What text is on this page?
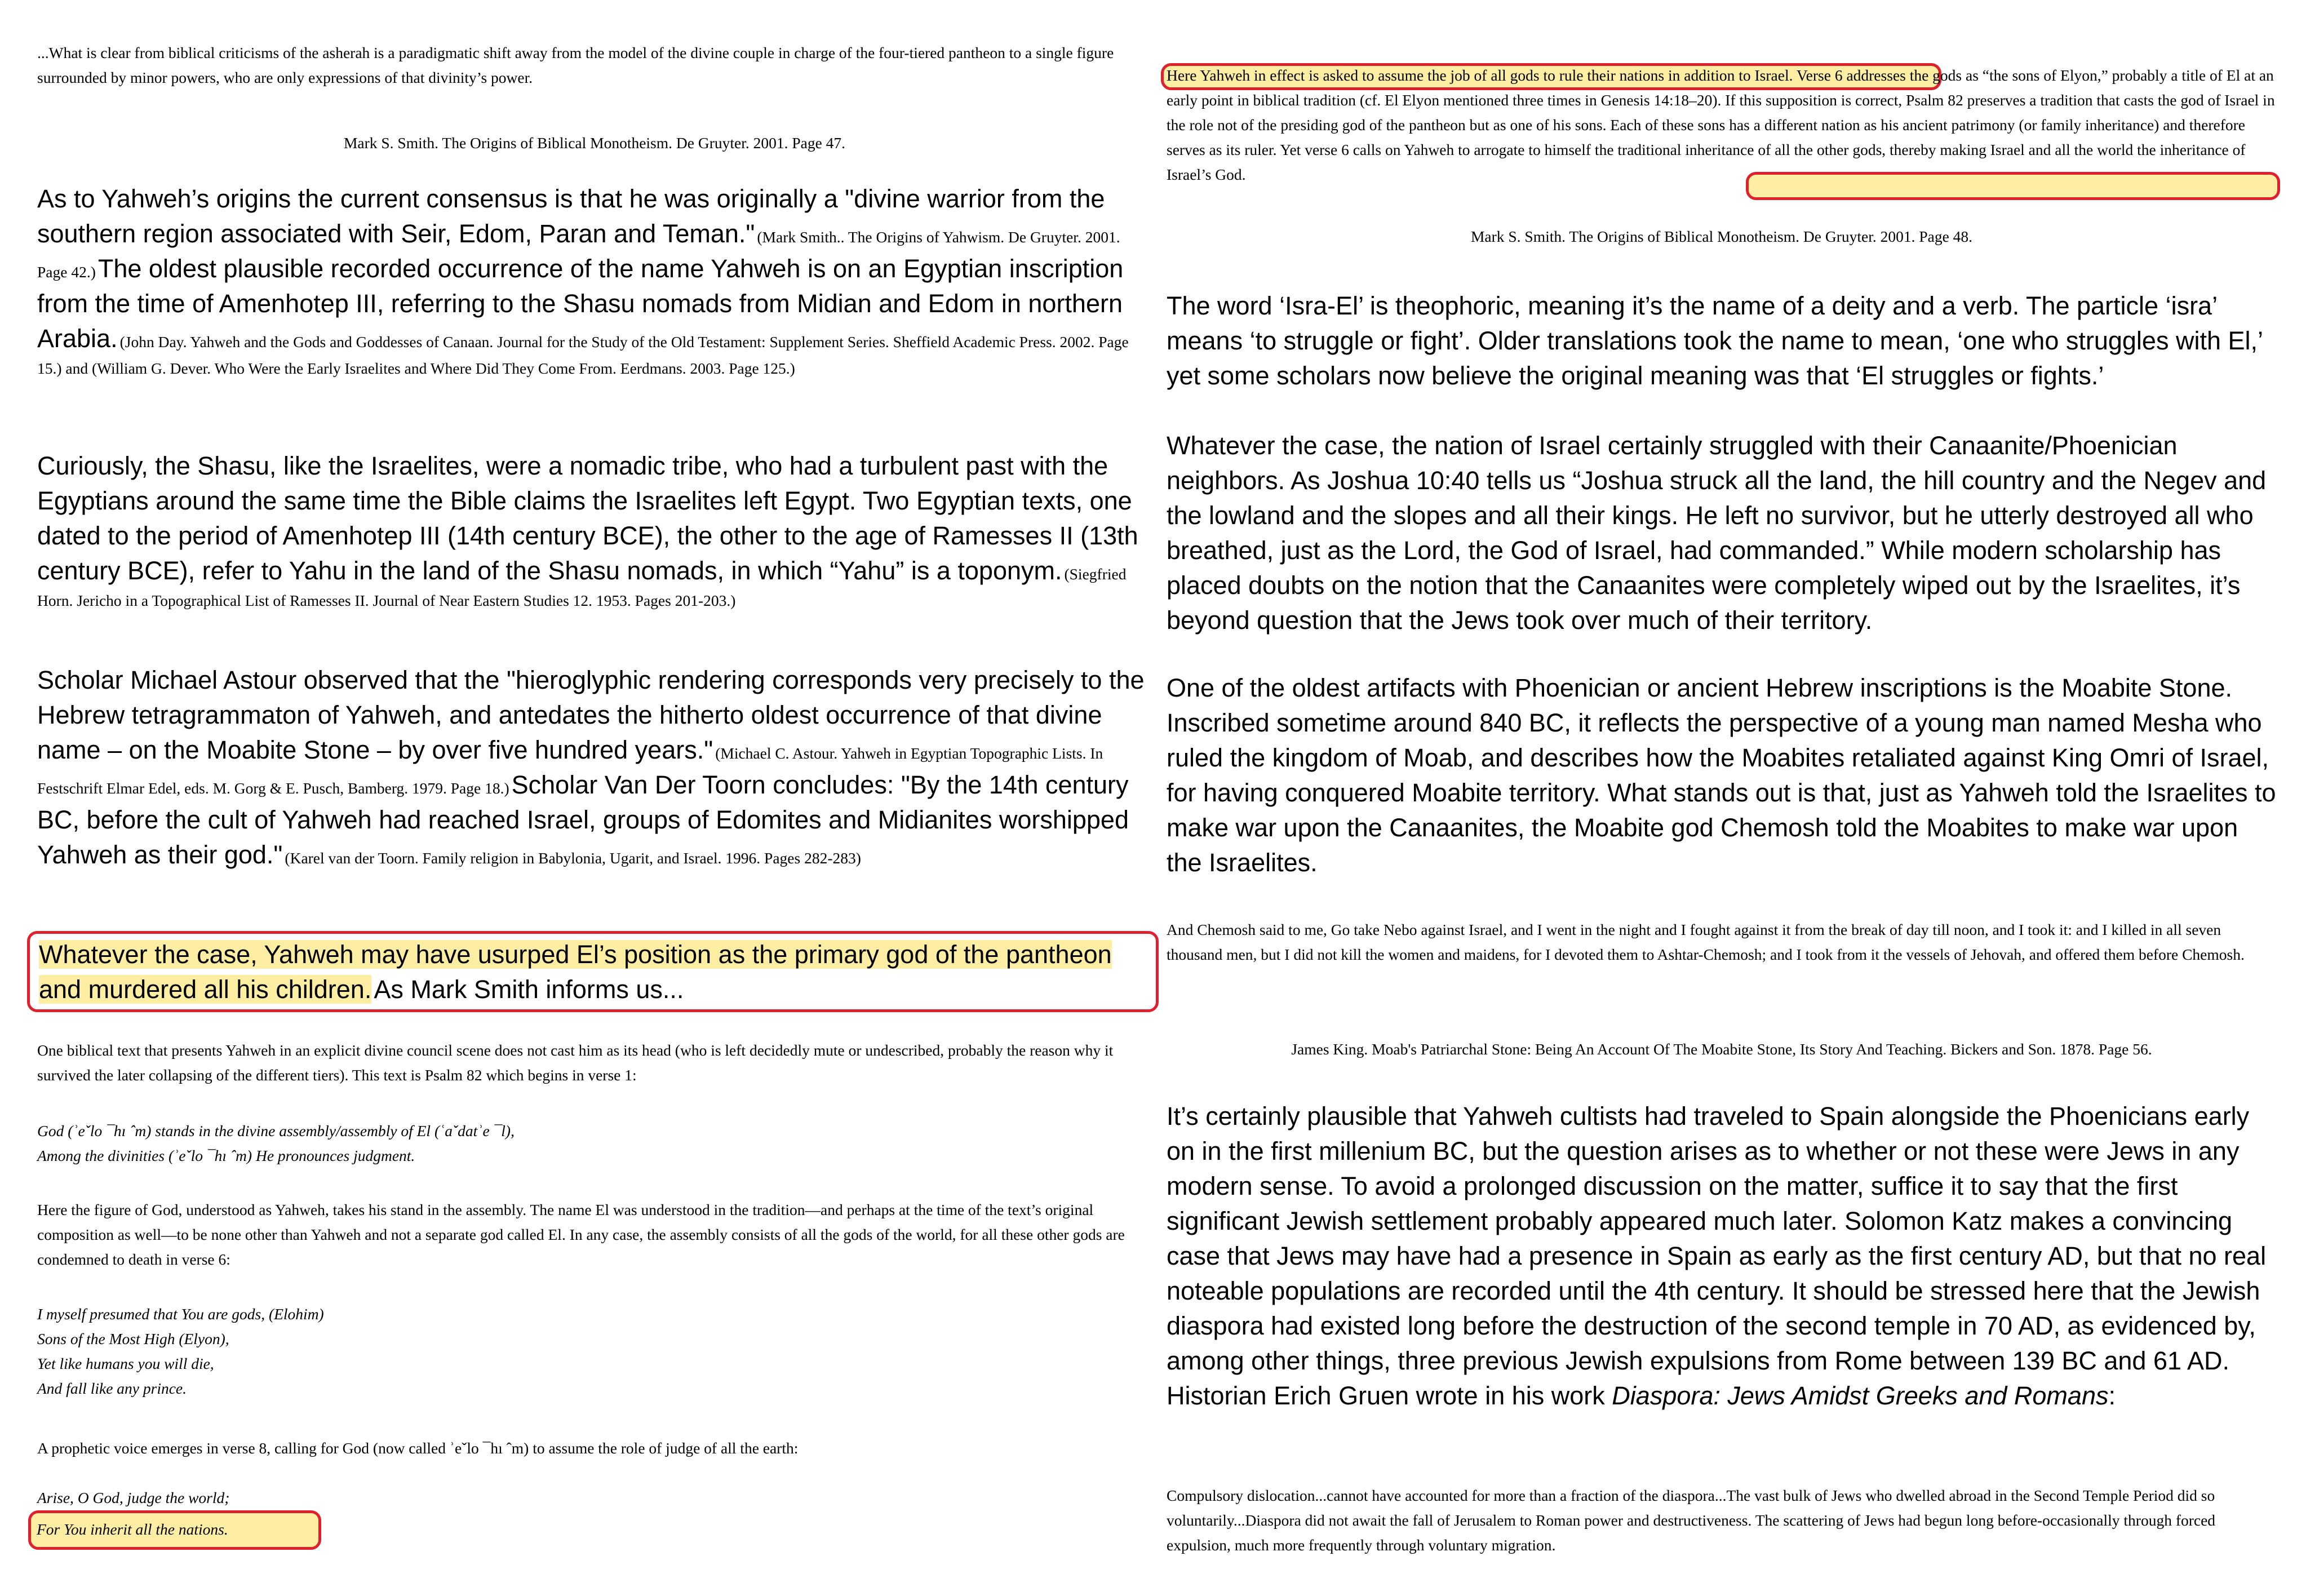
...What is clear from biblical criticisms of the asherah is a paradigmatic shift away from the model of the divine couple in charge of the four-tiered pantheon to a single figure surrounded by minor powers, who are only expressions of that divinity’s power.

Mark S. Smith. The Origins of Biblical Monotheism. De Gruyter. 2001. Page 47.

As to Yahweh’s origins the current consensus is that he was originally a "divine warrior from the southern region associated with Seir, Edom, Paran and Teman." (Mark Smith.. The Origins of Yahwism. De Gruyter. 2001. Page 42.) The oldest plausible recorded occurrence of the name Yahweh is on an Egyptian inscription from the time of Amenhotep III, referring to the Shasu nomads from Midian and Edom in northern Arabia. (John Day. Yahweh and the Gods and Goddesses of Canaan. Journal for the Study of the Old Testament: Supplement Series. Sheffield Academic Press. 2002. Page 15.) and (William G. Dever. Who Were the Early Israelites and Where Did They Come From. Eerdmans. 2003. Page 125.)

Curiously, the Shasu, like the Israelites, were a nomadic tribe, who had a turbulent past with the Egyptians around the same time the Bible claims the Israelites left Egypt. Two Egyptian texts, one dated to the period of Amenhotep III (14th century BCE), the other to the age of Ramesses II (13th century BCE), refer to Yahu in the land of the Shasu nomads, in which “Yahu” is a toponym. (Siegfried Horn. Jericho in a Topographical List of Ramesses II. Journal of Near Eastern Studies 12. 1953. Pages 201-203.)

Scholar Michael Astour observed that the "hieroglyphic rendering corresponds very precisely to the Hebrew tetragrammaton of Yahweh, and antedates the hitherto oldest occurrence of that divine name – on the Moabite Stone – by over five hundred years." (Michael C. Astour. Yahweh in Egyptian Topographic Lists. In Festschrift Elmar Edel, eds. M. Gorg & E. Pusch, Bamberg. 1979. Page 18.) Scholar Van Der Toorn concludes: "By the 14th century BC, before the cult of Yahweh had reached Israel, groups of Edomites and Midianites worshipped Yahweh as their god." (Karel van der Toorn. Family religion in Babylonia, Ugarit, and Israel. 1996. Pages 282-283)

Whatever the case, Yahweh may have usurped El’s position as the primary god of the pantheon and murdered all his children. As Mark Smith informs us...

One biblical text that presents Yahweh in an explicit divine council scene does not cast him as its head (who is left decidedly mute or undescribed, probably the reason why it survived the later collapsing of the different tiers). This text is Psalm 82 which begins in verse 1:

God (ʾeˇlo ¯hı ˆm) stands in the divine assembly/assembly of El (ʿaˇdatʾe ¯l),
Among the divinities (ʾeˇlo ¯hı ˆm) He pronounces judgment.

Here the figure of God, understood as Yahweh, takes his stand in the assembly. The name El was understood in the tradition—and perhaps at the time of the text’s original composition as well—to be none other than Yahweh and not a separate god called El. In any case, the assembly consists of all the gods of the world, for all these other gods are condemned to death in verse 6:

I myself presumed that You are gods, (Elohim)
Sons of the Most High (Elyon),
Yet like humans you will die,
And fall like any prince.

A prophetic voice emerges in verse 8, calling for God (now called ʾeˇlo ¯hı ˆm) to assume the role of judge of all the earth:

Arise, O God, judge the world;
For You inherit all the nations.

Here Yahweh in effect is asked to assume the job of all gods to rule their nations in addition to Israel. Verse 6 addresses the gods as “the sons of Elyon,” probably a title of El at an early point in biblical tradition (cf. El Elyon mentioned three times in Genesis 14:18–20). If this supposition is correct, Psalm 82 preserves a tradition that casts the god of Israel in the role not of the presiding god of the pantheon but as one of his sons. Each of these sons has a different nation as his ancient patrimony (or family inheritance) and therefore serves as its ruler. Yet verse 6 calls on Yahweh to arrogate to himself the traditional inheritance of all the other gods, thereby making Israel and all the world the inheritance of Israel’s God.

Mark S. Smith. The Origins of Biblical Monotheism. De Gruyter. 2001. Page 48.

The word ‘Isra-El’ is theophoric, meaning it’s the name of a deity and a verb. The particle ‘isra’ means ‘to struggle or fight’. Older translations took the name to mean, ‘one who struggles with El,’ yet some scholars now believe the original meaning was that ‘El struggles or fights.’

Whatever the case, the nation of Israel certainly struggled with their Canaanite/Phoenician neighbors. As Joshua 10:40 tells us “Joshua struck all the land, the hill country and the Negev and the lowland and the slopes and all their kings. He left no survivor, but he utterly destroyed all who breathed, just as the Lord, the God of Israel, had commanded.” While modern scholarship has placed doubts on the notion that the Canaanites were completely wiped out by the Israelites, it’s beyond question that the Jews took over much of their territory.

One of the oldest artifacts with Phoenician or ancient Hebrew inscriptions is the Moabite Stone. Inscribed sometime around 840 BC, it reflects the perspective of a young man named Mesha who ruled the kingdom of Moab, and describes how the Moabites retaliated against King Omri of Israel, for having conquered Moabite territory. What stands out is that, just as Yahweh told the Israelites to make war upon the Canaanites, the Moabite god Chemosh told the Moabites to make war upon the Israelites.

And Chemosh said to me, Go take Nebo against Israel, and I went in the night and I fought against it from the break of day till noon, and I took it: and I killed in all seven thousand men, but I did not kill the women and maidens, for I devoted them to Ashtar-Chemosh; and I took from it the vessels of Jehovah, and offered them before Chemosh.

James King. Moab's Patriarchal Stone: Being An Account Of The Moabite Stone, Its Story And Teaching. Bickers and Son. 1878. Page 56.

It’s certainly plausible that Yahweh cultists had traveled to Spain alongside the Phoenicians early on in the first millenium BC, but the question arises as to whether or not these were Jews in any modern sense. To avoid a prolonged discussion on the matter, suffice it to say that the first significant Jewish settlement probably appeared much later. Solomon Katz makes a convincing case that Jews may have had a presence in Spain as early as the first century AD, but that no real noteable populations are recorded until the 4th century. It should be stressed here that the Jewish diaspora had existed long before the destruction of the second temple in 70 AD, as evidenced by, among other things, three previous Jewish expulsions from Rome between 139 BC and 61 AD. Historian Erich Gruen wrote in his work Diaspora: Jews Amidst Greeks and Romans:

Compulsory dislocation...cannot have accounted for more than a fraction of the diaspora...The vast bulk of Jews who dwelled abroad in the Second Temple Period did so voluntarily...Diaspora did not await the fall of Jerusalem to Roman power and destructiveness. The scattering of Jews had begun long before-occasionally through forced expulsion, much more frequently through voluntary migration.
